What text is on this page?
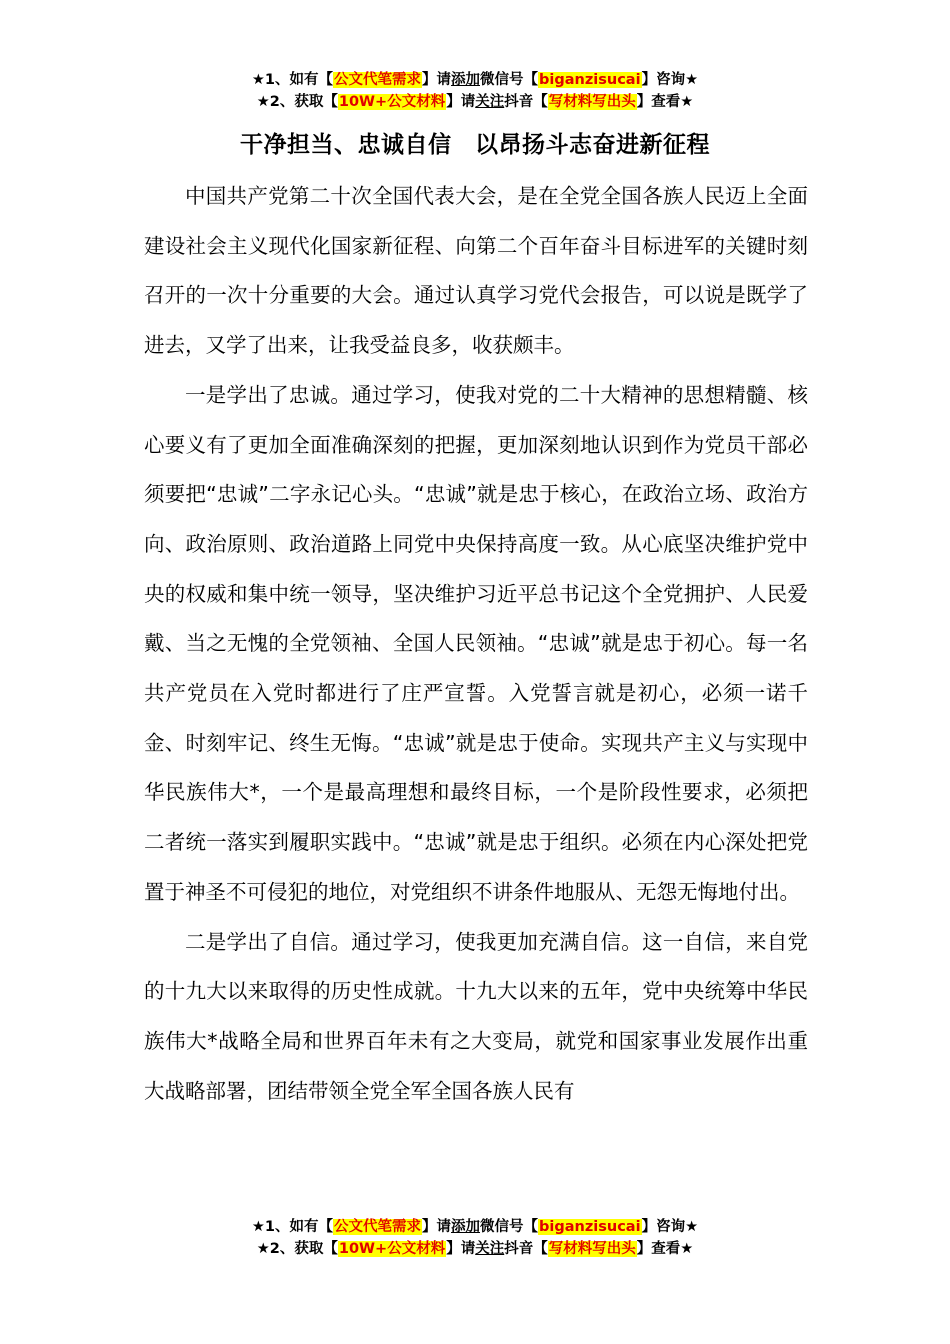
★1、如有【公文代笔需求】请添加微信号【biganzisucai】咨询★
★2、获取【10W+公文材料】请关注抖音【写材料写出头】查看★
干净担当、忠诚自信　以昂扬斗志奋进新征程

中国共产党第二十次全国代表大会，是在全党全国各族人民迈上全面建设社会主义现代化国家新征程、向第二个百年奋斗目标进军的关键时刻召开的一次十分重要的大会。通过认真学习党代会报告，可以说是既学了进去，又学了出来，让我受益良多，收获颇丰。

一是学出了忠诚。通过学习，使我对党的二十大精神的思想精髓、核心要义有了更加全面准确深刻的把握，更加深刻地认识到作为党员干部必须要把“忠诚”二字永记心头。“忠诚”就是忠于核心，在政治立场、政治方向、政治原则、政治道路上同党中央保持高度一致。从心底坚决维护党中央的权威和集中统一领导，坚决维护习近平总书记这个全党拥护、人民爱戴、当之无愧的全党领袖、全国人民领袖。“忠诚”就是忠于初心。每一名共产党员在入党时都进行了庄严宣誓。入党誓言就是初心，必须一诺千金、时刻牢记、终生无悔。“忠诚”就是忠于使命。实现共产主义与实现中华民族伟大*，一个是最高理想和最终目标，一个是阶段性要求，必须把二者统一落实到履职实践中。“忠诚”就是忠于组织。必须在内心深处把党置于神圣不可侵犯的地位，对党组织不讲条件地服从、无怨无悔地付出。

二是学出了自信。通过学习，使我更加充满自信。这一自信，来自党的十九大以来取得的历史性成就。十九大以来的五年，党中央统筹中华民族伟大*战略全局和世界百年未有之大变局，就党和国家事业发展作出重大战略部署，团结带领全党全军全国各族人民有

★1、如有【公文代笔需求】请添加微信号【biganzisucai】咨询★
★2、获取【10W+公文材料】请关注抖音【写材料写出头】查看★
